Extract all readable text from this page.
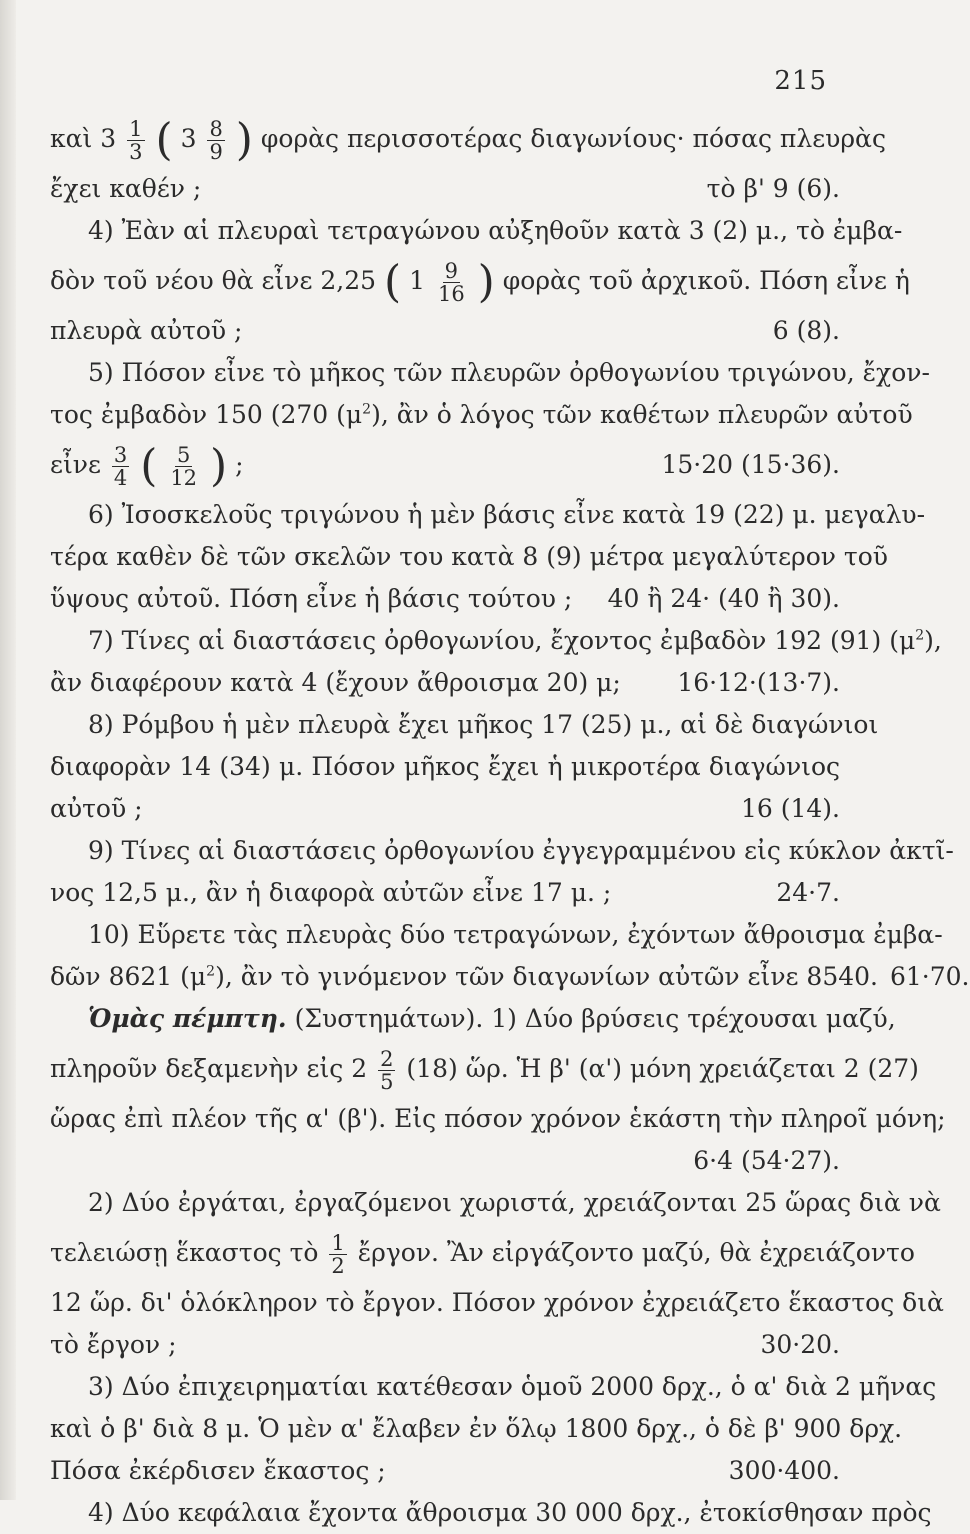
215
καὶ $3 \frac{1}{3}$ ( $3 \frac{8}{9}$ ) φορὰς περισσοτέρας διαγωνίους· πόσας πλευρὰς
ἔχει καθέν ;	τὸ β' 9 (6).
4) Ἐὰν αἱ πλευραὶ τετραγώνου αὐξηθοῦν κατὰ 3 (2) μ., τὸ ἐμβα-
δὸν τοῦ νέου θὰ εἶνε 2,25 ( $1 \frac{9}{16}$ ) φορὰς τοῦ ἀρχικοῦ. Πόση εἶνε ἡ
πλευρὰ αὐτοῦ ;	6 (8).
5) Πόσον εἶνε τὸ μῆκος τῶν πλευρῶν ὀρθογωνίου τριγώνου, ἔχον-
τος ἐμβαδὸν 150 (270 $(\mu^2)$, ἂν ὁ λόγος τῶν καθέτων πλευρῶν αὐτοῦ
εἶνε $\frac{3}{4}$ ( $\frac{5}{12}$ ) ;	15·20 (15·36).
6) Ἰσοσκελοῦς τριγώνου ἡ μὲν βάσις εἶνε κατὰ 19 (22) μ. μεγαλυ-
τέρα καθὲν δὲ τῶν σκελῶν του κατὰ 8 (9) μέτρα μεγαλύτερον τοῦ
ὕψους αὐτοῦ. Πόση εἶνε ἡ βάσις τούτου ;	40 ἢ 24· (40 ἢ 30).
7) Τίνες αἱ διαστάσεις ὀρθογωνίου, ἔχοντος ἐμβαδὸν 192 (91) $(\mu^2)$,
ἂν διαφέρουν κατὰ 4 (ἔχουν ἄθροισμα 20) μ;	16·12·(13·7).
8) Ρόμβου ἡ μὲν πλευρὰ ἔχει μῆκος 17 (25) μ., αἱ δὲ διαγώνιοι
διαφορὰν 14 (34) μ. Πόσον μῆκος ἔχει ἡ μικροτέρα διαγώνιος
αὐτοῦ ;	16 (14).
9) Τίνες αἱ διαστάσεις ὀρθογωνίου ἐγγεγραμμένου εἰς κύκλον ἀκτῖ-
νος 12,5 μ., ἂν ἡ διαφορὰ αὐτῶν εἶνε 17 μ. ;	24·7.
10) Εὕρετε τὰς πλευρὰς δύο τετραγώνων, ἐχόντων ἄθροισμα ἐμβα-
δῶν 8621 $(\mu^2)$, ἂν τὸ γινόμενον τῶν διαγωνίων αὐτῶν εἶνε 8540. 61·70.
Ὁμὰς πέμπτη. (Συστημάτων). 1) Δύο βρύσεις τρέχουσαι μαζύ,
πληροῦν δεξαμενὴν εἰς $2 \frac{2}{5} (18)$ ὥρ. Ἡ β' (α') μόνη χρειάζεται 2 (27)
ὥρας ἐπὶ πλέον τῆς α' (β'). Εἰς πόσον χρόνον ἑκάστη τὴν πληροῖ μόνη;
6·4 (54·27).
2) Δύο ἐργάται, ἐργαζόμενοι χωριστά, χρειάζονται 25 ὥρας διὰ νὰ
τελειώσῃ ἕκαστος τὸ $\frac{1}{2}$ ἔργον. Ἂν εἰργάζοντο μαζύ, θὰ ἐχρειάζοντο
12 ὥρ. δι' ὁλόκληρον τὸ ἔργον. Πόσον χρόνον ἐχρειάζετο ἕκαστος διὰ
τὸ ἔργον ;	30·20.
3) Δύο ἐπιχειρηματίαι κατέθεσαν ὁμοῦ 2000 δρχ., ὁ α' διὰ 2 μῆνας
καὶ ὁ β' διὰ 8 μ. Ὁ μὲν α' ἔλαβεν ἐν ὅλῳ 1800 δρχ., ὁ δὲ β' 900 δρχ.
Πόσα ἐκέρδισεν ἕκαστος ;	300·400.
4) Δύο κεφάλαια ἔχοντα ἄθροισμα 30 000 δρχ., ἐτοκίσθησαν πρὸς
